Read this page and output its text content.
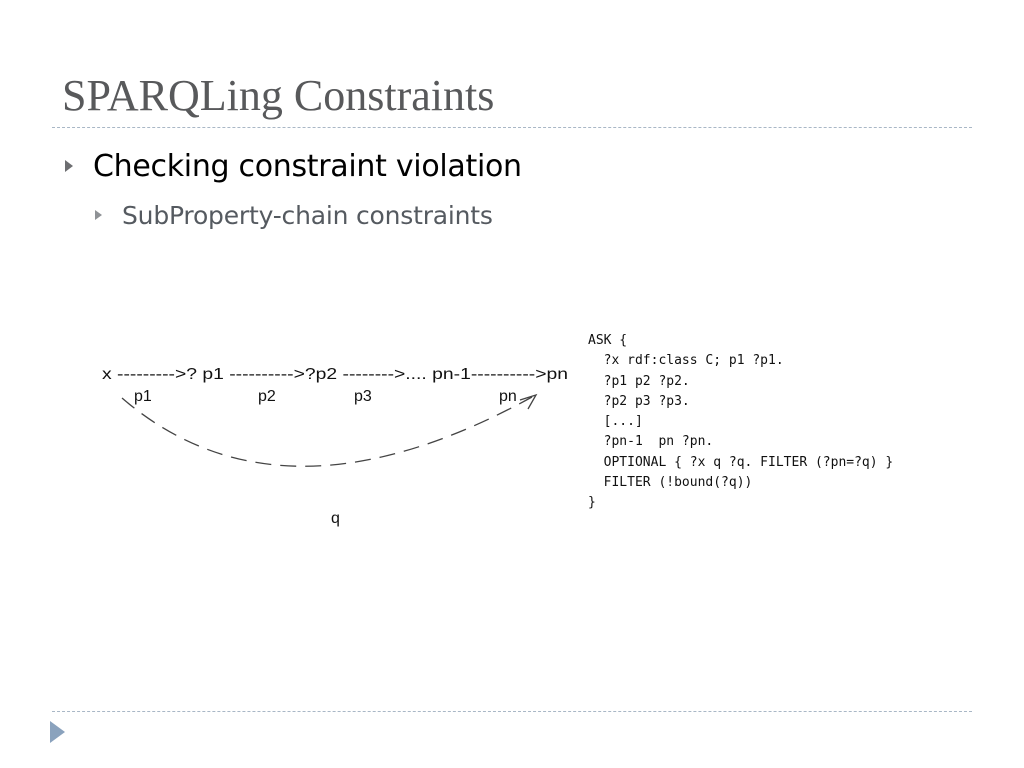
SPARQLing Constraints
Checking constraint violation
SubProperty-chain constraints
x --------->? p1 ---------->?p2 -------->.... pn-1---------->pn
p1	p2	p3	pn
q
ASK {
?x rdf:class C; p1 ?p1.
?p1 p2 ?p2.
?p2 p3 ?p3.
[...]
?pn-1  pn ?pn.
OPTIONAL { ?x q ?q. FILTER (?pn=?q) }
FILTER (!bound(?q))
}
